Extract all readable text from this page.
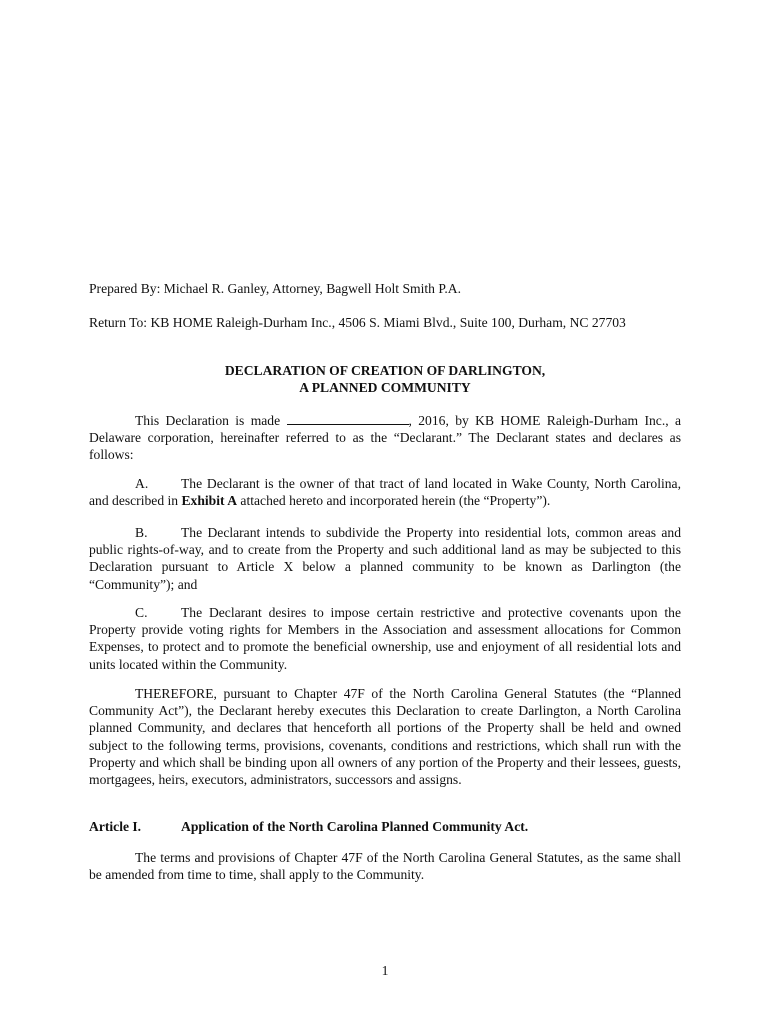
Prepared By: Michael R. Ganley, Attorney, Bagwell Holt Smith P.A.

Return To: KB HOME Raleigh-Durham Inc., 4506 S. Miami Blvd., Suite 100, Durham, NC 27703

DECLARATION OF CREATION OF DARLINGTON,
A PLANNED COMMUNITY

This Declaration is made	, 2016, by KB HOME Raleigh-Durham Inc., a Delaware corporation, hereinafter referred to as the “Declarant.” The Declarant states and declares as follows:

A. The Declarant is the owner of that tract of land located in Wake County, North Carolina, and described in Exhibit A attached hereto and incorporated herein (the “Property”).

B. The Declarant intends to subdivide the Property into residential lots, common areas and public rights-of-way, and to create from the Property and such additional land as may be subjected to this Declaration pursuant to Article X below a planned community to be known as Darlington (the “Community”); and

C. The Declarant desires to impose certain restrictive and protective covenants upon the Property provide voting rights for Members in the Association and assessment allocations for Common Expenses, to protect and to promote the beneficial ownership, use and enjoyment of all residential lots and units located within the Community.

THEREFORE, pursuant to Chapter 47F of the North Carolina General Statutes (the “Planned Community Act”), the Declarant hereby executes this Declaration to create Darlington, a North Carolina planned Community, and declares that henceforth all portions of the Property shall be held and owned subject to the following terms, provisions, covenants, conditions and restrictions, which shall run with the Property and which shall be binding upon all owners of any portion of the Property and their lessees, guests, mortgagees, heirs, executors, administrators, successors and assigns.

Article I.	Application of the North Carolina Planned Community Act.

The terms and provisions of Chapter 47F of the North Carolina General Statutes, as the same shall be amended from time to time, shall apply to the Community.

1
